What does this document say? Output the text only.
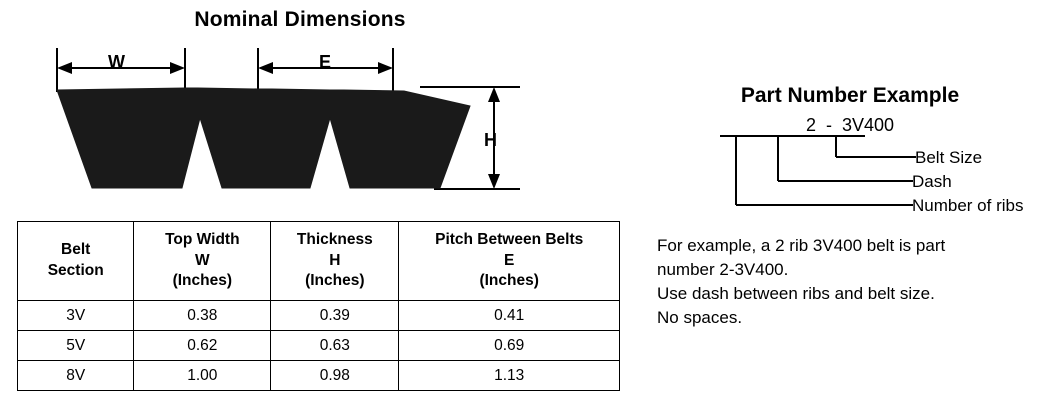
Nominal Dimensions
W	E
H
Belt
Section

Top Width
W
(Inches)

Thickness
H
(Inches)

Pitch Between Belts
E
(Inches)

3V	0.38	0.39	0.41
5V	0.62	0.63	0.69
8V	1.00	0.98	1.13
Part Number Example
2  -  3V400
Belt Size
Dash
Number of ribs
For example, a 2 rib 3V400 belt is part
number 2-3V400.
Use dash between ribs and belt size.
No spaces.
